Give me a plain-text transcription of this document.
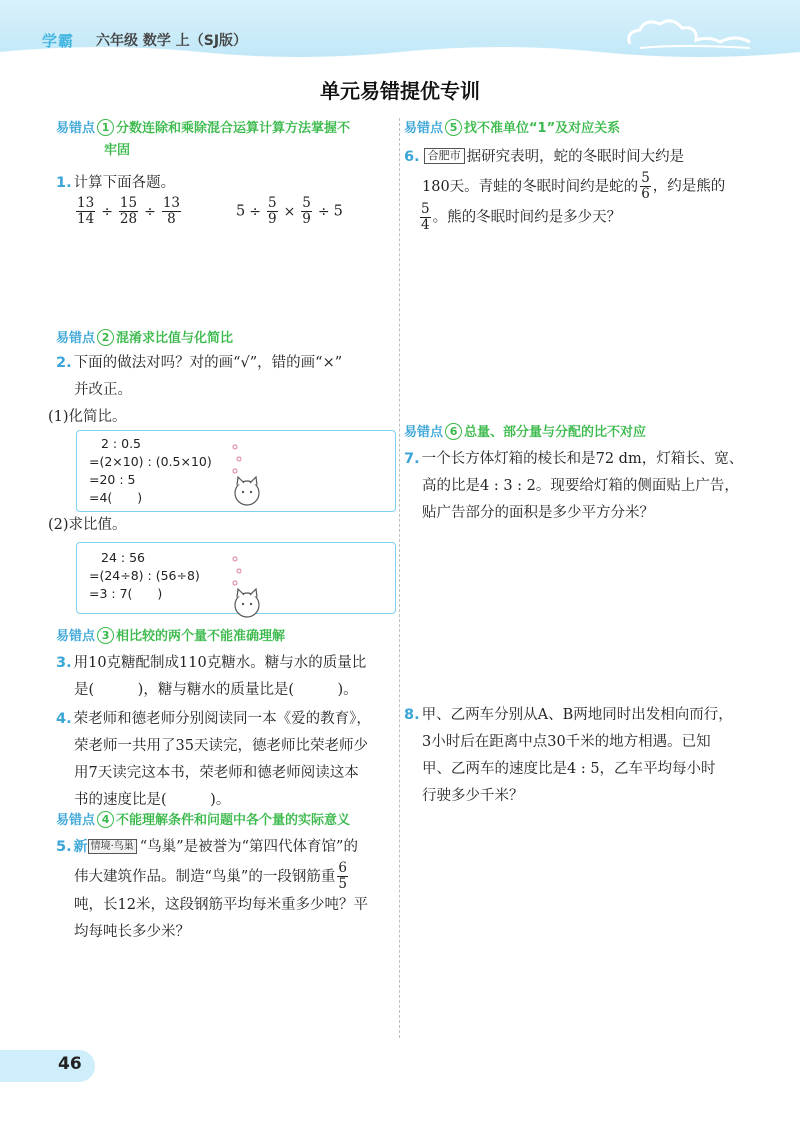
学霸 六年级 数学 上（SJ版）
单元易错提优专训
易错点 1 分数连除和乘除混合运算计算方法掌握不
牢固
1. 计算下面各题。
$\frac{13}{14} \div \frac{15}{28} \div \frac{13}{8}$	$5 \div \frac{5}{9} \times \frac{5}{9} \div 5$
易错点 2 混淆求比值与化简比
2. 下面的做法对吗？对的画“√”，错的画“×”
并改正。
(1)化简比。
2 : 0.5
=(2×10) : (0.5×10)
=20 : 5
=4(　　)
(2)求比值。
24 : 56
=(24÷8) : (56÷8)
=3 : 7(　　)
易错点 3 相比较的两个量不能准确理解
3. 用10克糖配制成110克糖水。糖与水的质量比
是(　　　)，糖与糖水的质量比是(　　　)。
4. 荣老师和德老师分别阅读同一本《爱的教育》，
荣老师一共用了35天读完，德老师比荣老师少
用7天读完这本书，荣老师和德老师阅读这本
书的速度比是(　　　)。
易错点 4 不能理解条件和问题中各个量的实际意义
5. 新 情境·鸟巢 “鸟巢”是被誉为“第四代体育馆”的
伟大建筑作品。制造“鸟巢”的一段钢筋重 $\frac{6}{5}$

吨，长12米，这段钢筋平均每米重多少吨？平
均每吨长多少米？
易错点 5 找不准单位“1”及对应关系
6. 合肥市 据研究表明，蛇的冬眠时间大约是
180天。青蛙的冬眠时间约是蛇的 $\frac{5}{6}$ ，约是熊的

$\frac{5}{4}$ 。熊的冬眠时间约是多少天？
易错点 6 总量、部分量与分配的比不对应
7. 一个长方体灯箱的棱长和是72 dm，灯箱长、宽、
高的比是4 : 3 : 2。现要给灯箱的侧面贴上广告，
贴广告部分的面积是多少平方分米？
8. 甲、乙两车分别从A、B两地同时出发相向而行，
3小时后在距离中点30千米的地方相遇。已知
甲、乙两车的速度比是4 : 5，乙车平均每小时
行驶多少千米？
46
